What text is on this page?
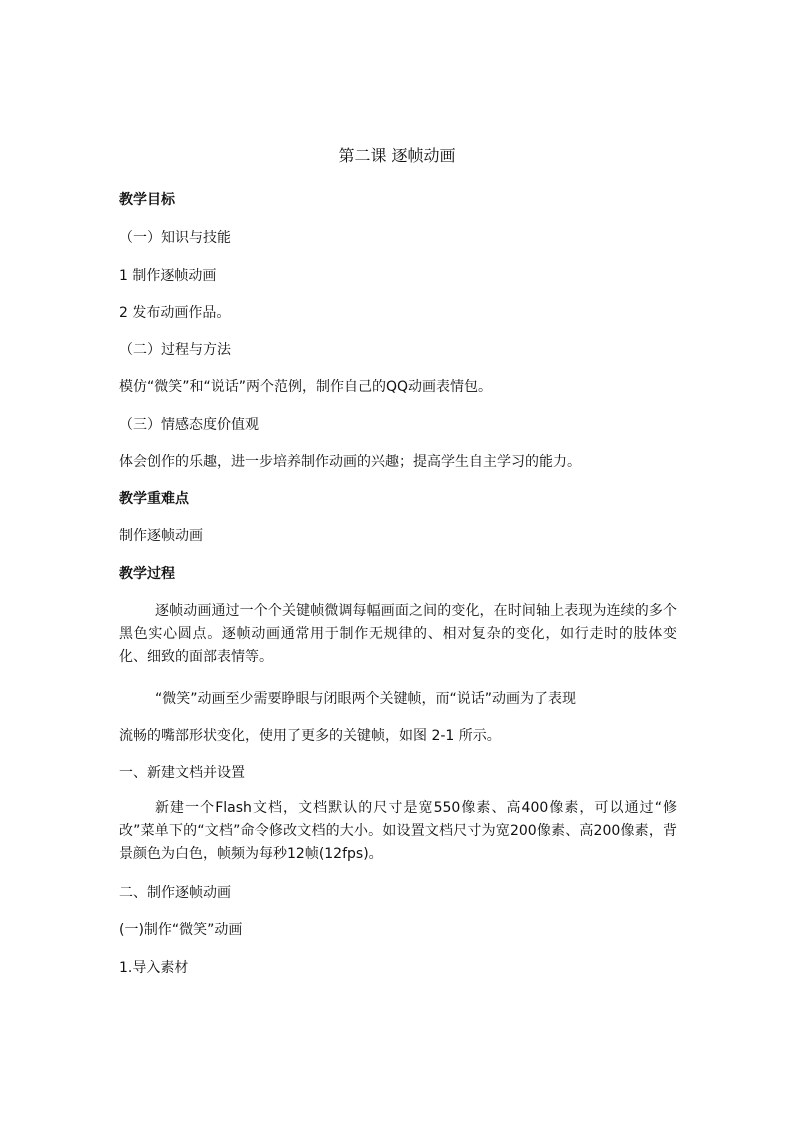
第二课 逐帧动画

教学目标

（一）知识与技能

1 制作逐帧动画

2 发布动画作品。

（二）过程与方法

模仿“微笑”和“说话”两个范例，制作自己的QQ动画表情包。

（三）情感态度价值观

体会创作的乐趣，进一步培养制作动画的兴趣；提高学生自主学习的能力。

教学重难点

制作逐帧动画

教学过程

逐帧动画通过一个个关键帧微调每幅画面之间的变化，在时间轴上表现为连续的多个黑色实心圆点。逐帧动画通常用于制作无规律的、相对复杂的变化，如行走时的肢体变化、细致的面部表情等。

“微笑”动画至少需要睁眼与闭眼两个关键帧，而“说话”动画为了表现

流畅的嘴部形状变化，使用了更多的关键帧，如图 2-1 所示。

一、新建文档并设置

新建一个Flash文档，文档默认的尺寸是宽550像素、高400像素，可以通过“修改”菜单下的“文档”命令修改文档的大小。如设置文档尺寸为宽200像素、高200像素，背景颜色为白色，帧频为每秒12帧(12fps)。

二、制作逐帧动画

(一)制作“微笑”动画

1.导入素材
